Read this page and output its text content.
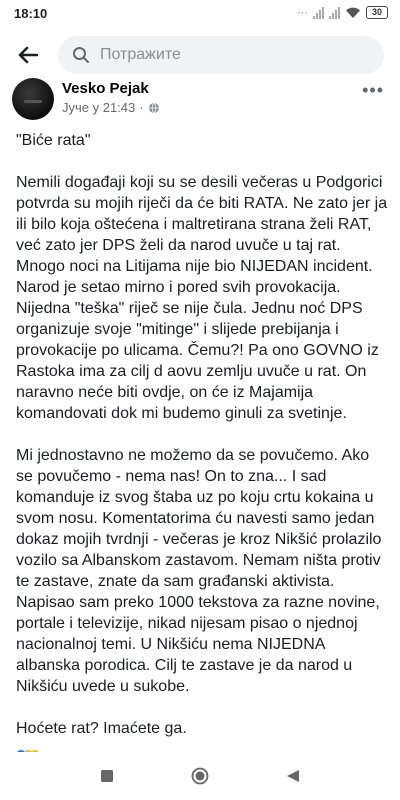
18:10	···	30
Потражите
Vesko Pejak
Јуче у 21:43 ·
•••

"Biće rata"

Nemili događaji koji su se desili večeras u Podgorici potvrda su mojih riječi da će biti RATA. Ne zato jer ja ili bilo koja oštećena i maltretirana strana želi RAT, već zato jer DPS želi da narod uvuče u taj rat. Mnogo noci na Litijama nije bio NIJEDAN incident. Narod je setao mirno i pored svih provokacija. Nijedna "teška" riječ se nije čula. Jednu noć DPS organizuje svoje "mitinge" i slijede prebijanja i provokacije po ulicama. Čemu?! Pa ono GOVNO iz Rastoka ima za cilj d aovu zemlju uvuče u rat. On naravno neće biti ovdje, on će iz Majamija komandovati dok mi budemo ginuli za svetinje.

Mi jednostavno ne možemo da se povučemo. Ako se povučemo - nema nas! On to zna... I sad komanduje iz svog štaba uz po koju crtu kokaina u svom nosu. Komentatorima ću navesti samo jedan dokaz mojih tvrdnji - večeras je kroz Nikšić prolazilo vozilo sa Albanskom zastavom. Nemam ništa protiv te zastave, znate da sam građanski aktivista. Napisao sam preko 1000 tekstova za razne novine, portale i televizije, nikad nijesam pisao o njednoj nacionalnoj temi. U Nikšiću nema NIJEDNA albanska porodica. Cilj te zastave je da narod u Nikšiću uvede u sukobe.

Hoćete rat? Imaćete ga.
